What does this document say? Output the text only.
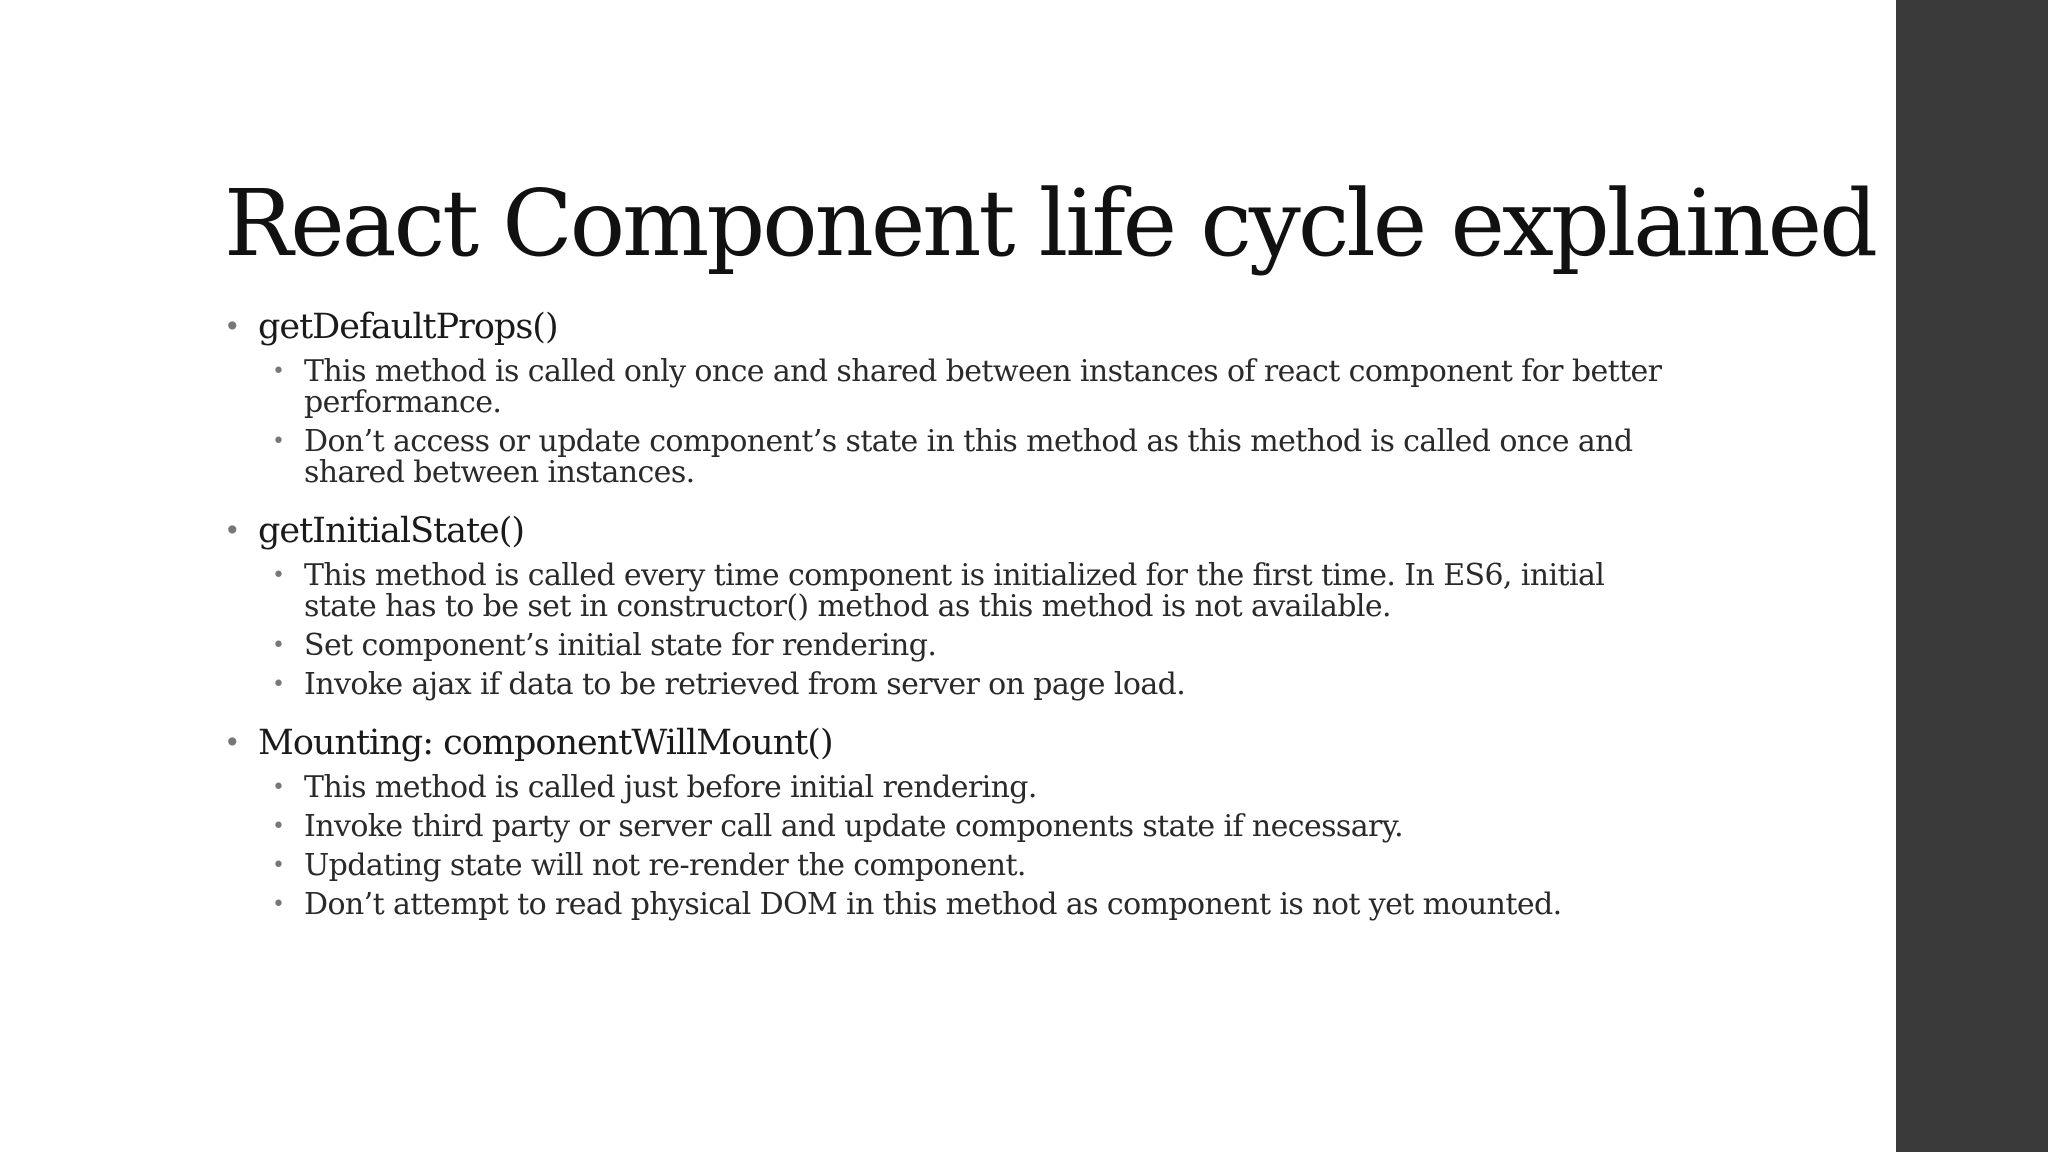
React Component life cycle explained
• getDefaultProps()
• This method is called only once and shared between instances of react component for better performance.
• Don’t access or update component’s state in this method as this method is called once and shared between instances.
• getInitialState()
• This method is called every time component is initialized for the first time. In ES6, initial state has to be set in constructor() method as this method is not available.
• Set component’s initial state for rendering.
• Invoke ajax if data to be retrieved from server on page load.
• Mounting: componentWillMount()
• This method is called just before initial rendering.
• Invoke third party or server call and update components state if necessary.
• Updating state will not re-render the component.
• Don’t attempt to read physical DOM in this method as component is not yet mounted.
